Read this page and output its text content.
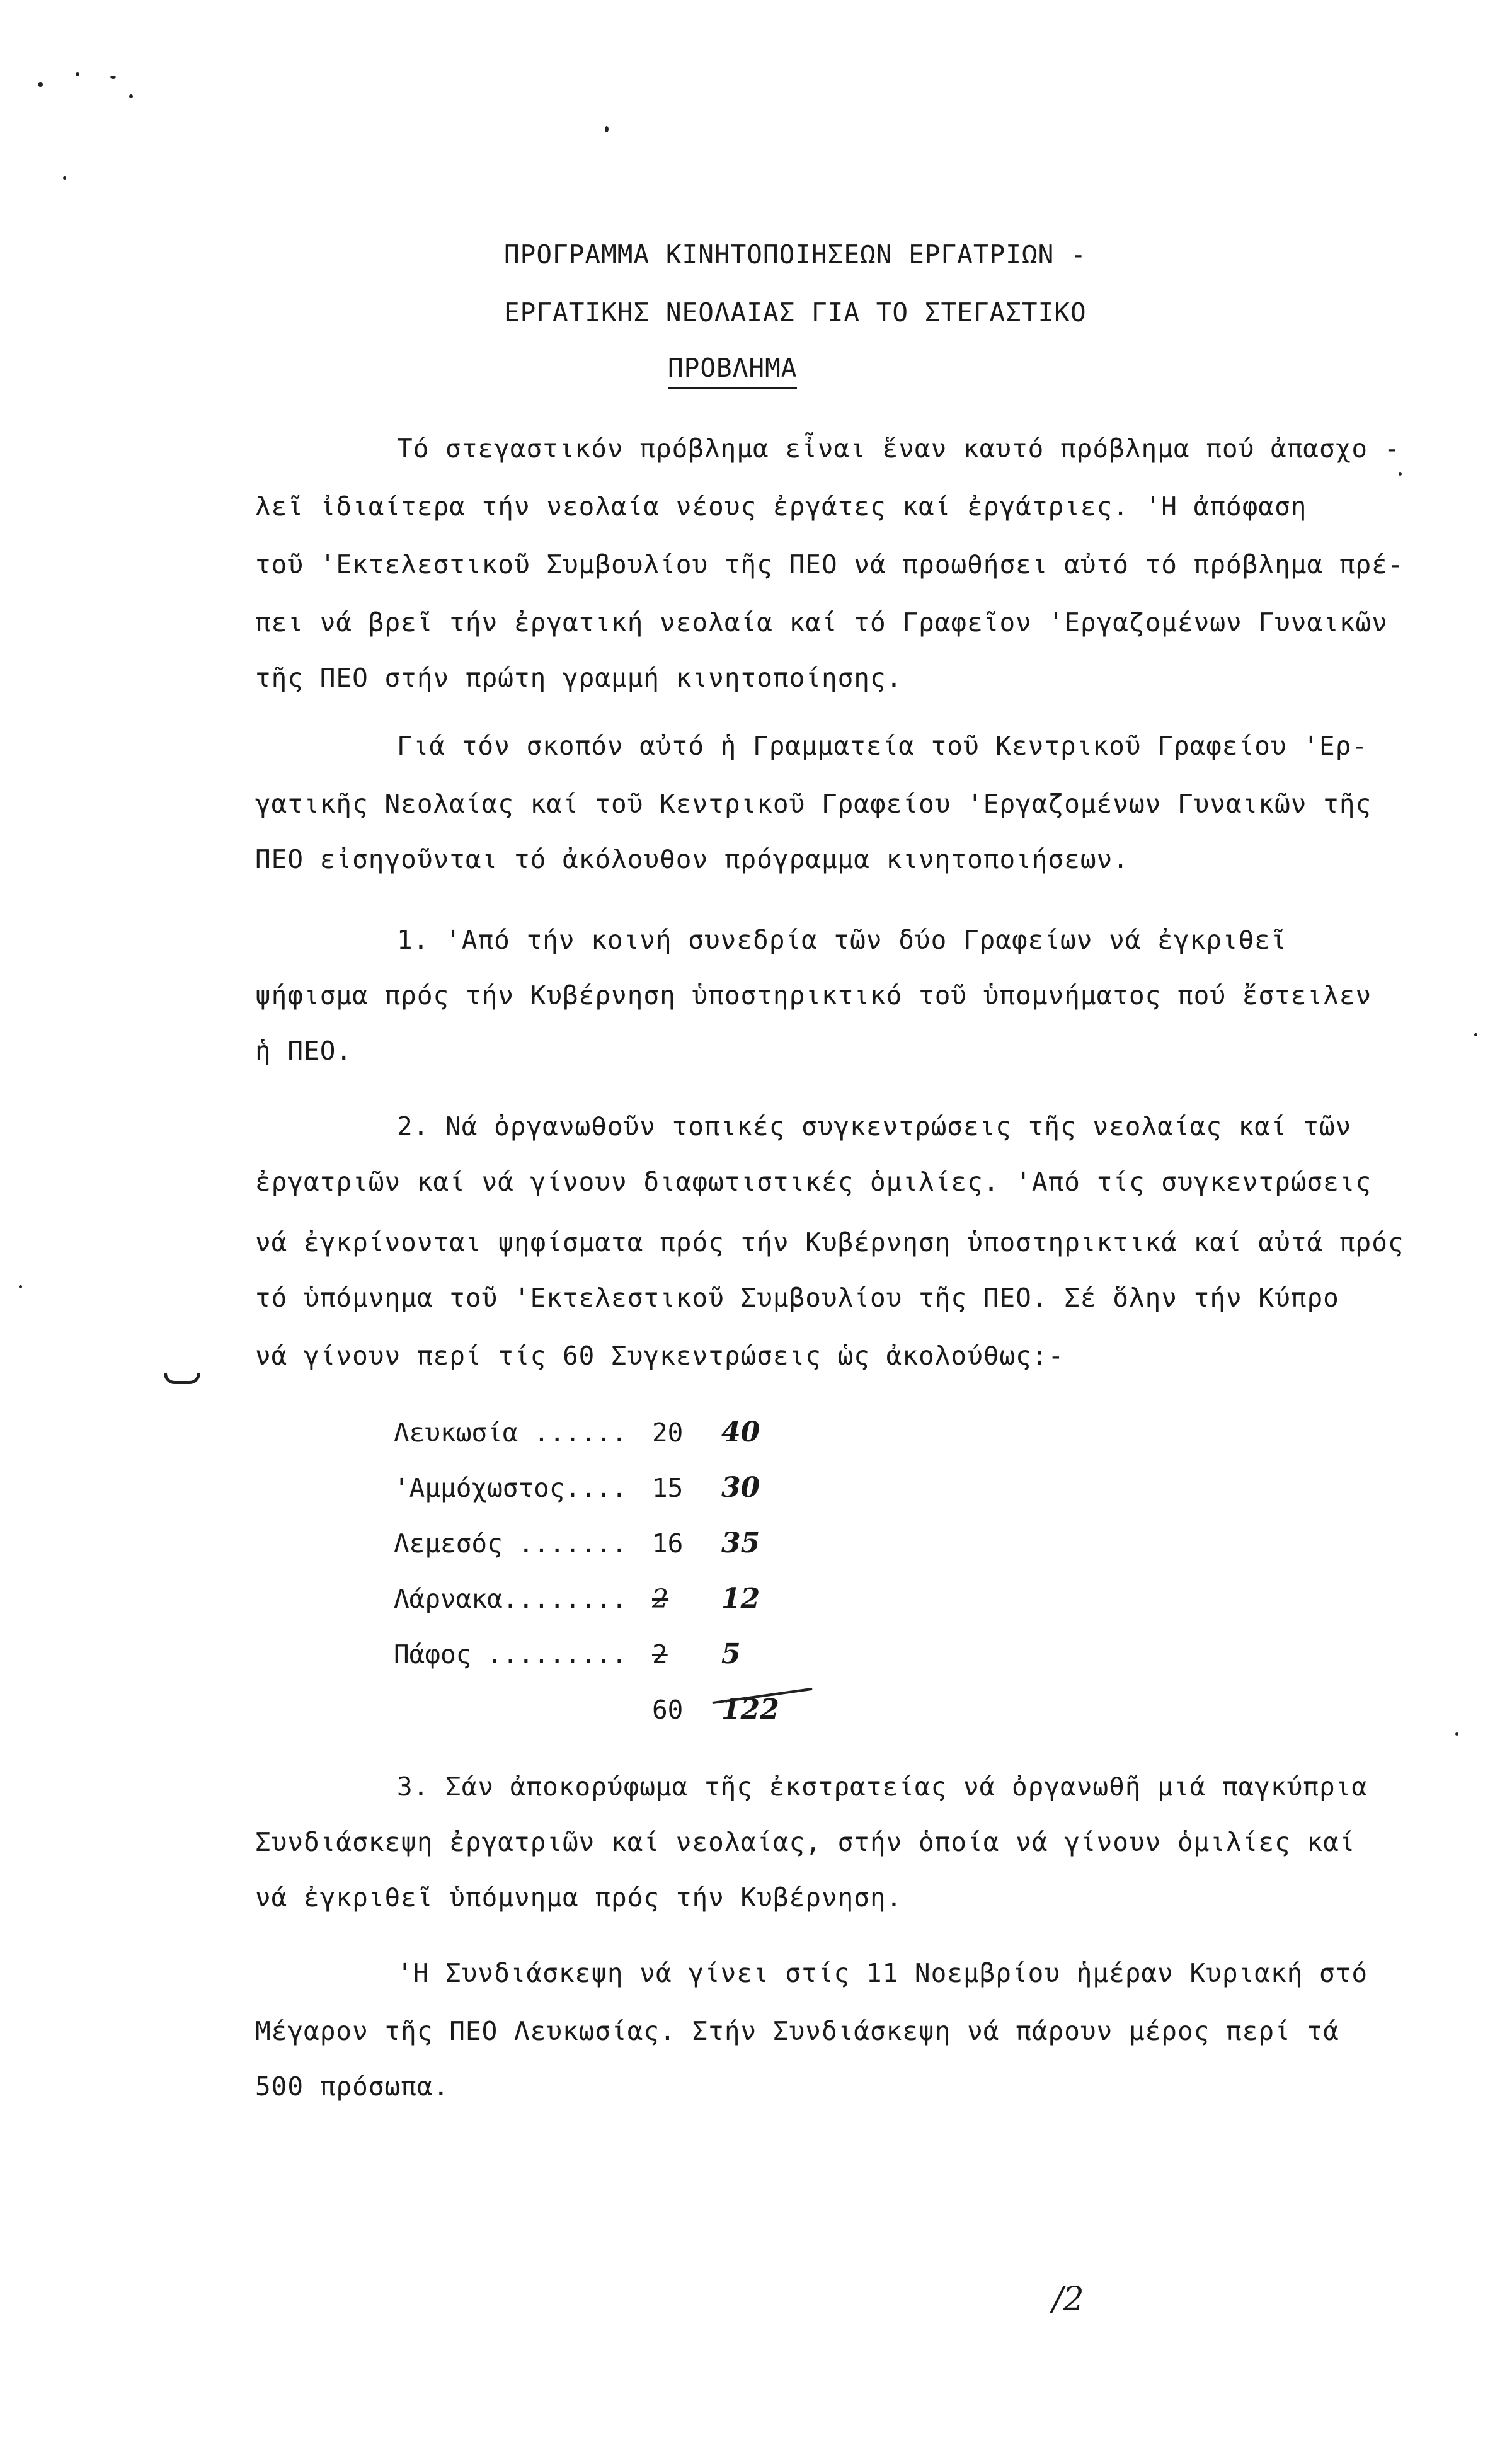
ΠΡΟΓΡΑΜΜΑ ΚΙΝΗΤΟΠΟΙΗΣΕΩΝ ΕΡΓΑΤΡΙΩΝ -
ΕΡΓΑΤΙΚΗΣ ΝΕΟΛΑΙΑΣ ΓΙΑ ΤΟ ΣΤΕΓΑΣΤΙΚΟ
ΠΡΟΒΛΗΜΑ
Τό στεγαστικόν πρόβλημα εἶναι ἕναν καυτό πρόβλημα πού ἀπασχο -
λεῖ ἰδιαίτερα τήν νεολαία νέους ἐργάτες καί ἐργάτριες. 'Η ἀπόφαση
τοῦ 'Εκτελεστικοῦ Συμβουλίου τῆς ΠΕΟ νά προωθήσει αὐτό τό πρόβλημα πρέ-
πει νά βρεῖ τήν ἐργατική νεολαία καί τό Γραφεῖον 'Εργαζομένων Γυναικῶν
τῆς ΠΕΟ στήν πρώτη γραμμή κινητοποίησης.
Γιά τόν σκοπόν αὐτό ἡ Γραμματεία τοῦ Κεντρικοῦ Γραφείου 'Ερ-
γατικῆς Νεολαίας καί τοῦ Κεντρικοῦ Γραφείου 'Εργαζομένων Γυναικῶν τῆς
ΠΕΟ εἰσηγοῦνται τό ἀκόλουθον πρόγραμμα κινητοποιήσεων.
1. 'Από τήν κοινή συνεδρία τῶν δύο Γραφείων νά ἐγκριθεῖ
ψήφισμα πρός τήν Κυβέρνηση ὑποστηρικτικό τοῦ ὑπομνήματος πού ἔστειλεν
ἡ ΠΕΟ.
2. Νά ὀργανωθοῦν τοπικές συγκεντρώσεις τῆς νεολαίας καί τῶν
ἐργατριῶν καί νά γίνουν διαφωτιστικές ὁμιλίες. 'Από τίς συγκεντρώσεις
νά ἐγκρίνονται ψηφίσματα πρός τήν Κυβέρνηση ὑποστηρικτικά καί αὐτά πρός
τό ὑπόμνημα τοῦ 'Εκτελεστικοῦ Συμβουλίου τῆς ΠΕΟ. Σέ ὅλην τήν Κύπρο
νά γίνουν περί τίς 60 Συγκεντρώσεις ὡς ἀκολούθως:-
Λευκωσία ...... 20 40
'Αμμόχωστος.... 15 30
Λεμεσός ....... 16 35
Λάρνακα........ 2 12
Πάφος ......... 2 5
60 122
3. Σάν ἀποκορύφωμα τῆς ἐκστρατείας νά ὀργανωθῆ μιά παγκύπρια
Συνδιάσκεψη ἐργατριῶν καί νεολαίας, στήν ὁποία νά γίνουν ὁμιλίες καί
νά ἐγκριθεῖ ὑπόμνημα πρός τήν Κυβέρνηση.
'Η Συνδιάσκεψη νά γίνει στίς 11 Νοεμβρίου ἡμέραν Κυριακή στό
Μέγαρον τῆς ΠΕΟ Λευκωσίας. Στήν Συνδιάσκεψη νά πάρουν μέρος περί τά
500 πρόσωπα.
/2
